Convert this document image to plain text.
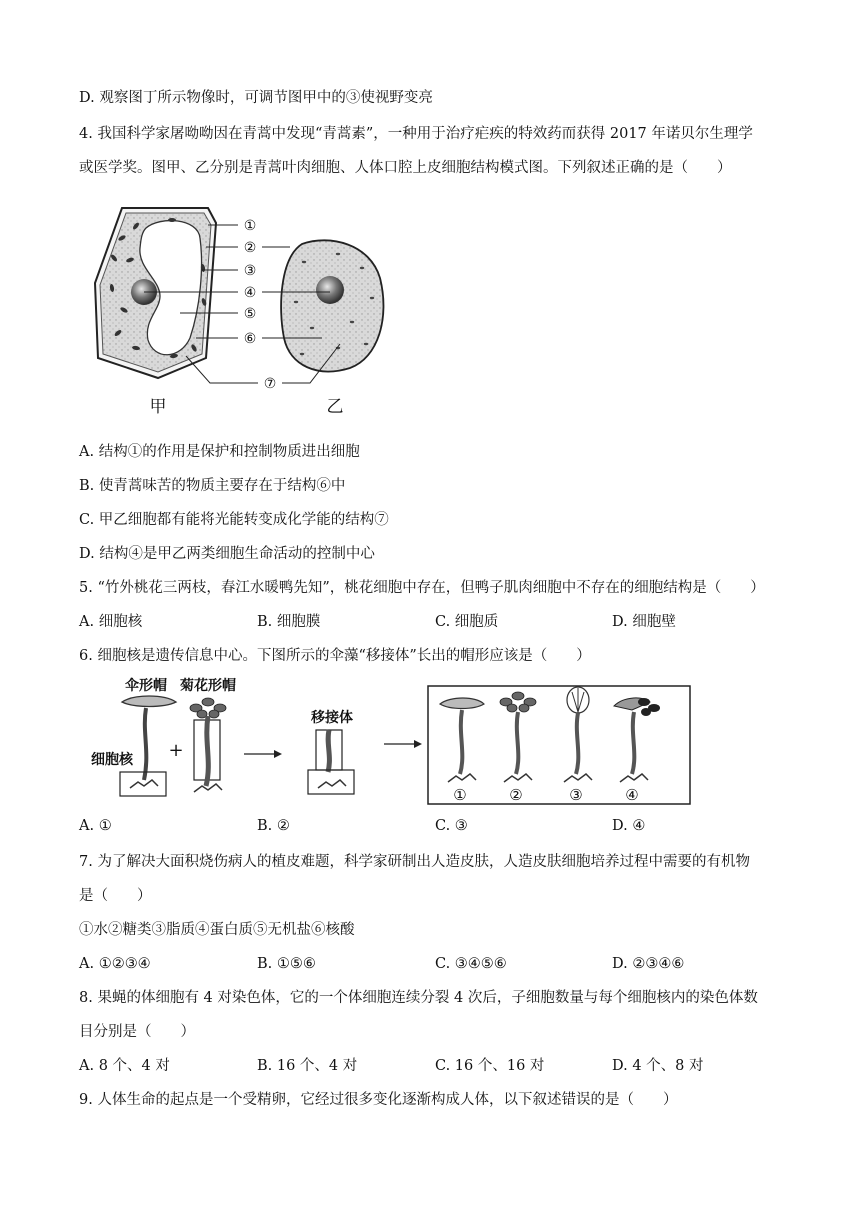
D. 观察图丁所示物像时，可调节图甲中的③使视野变亮
4. 我国科学家屠呦呦因在青蒿中发现“青蒿素”，一种用于治疗疟疾的特效药而获得 2017 年诺贝尔生理学
或医学奖。图甲、乙分别是青蒿叶肉细胞、人体口腔上皮细胞结构模式图。下列叙述正确的是（　　）
①
②
③
④
⑤
⑥
⑦
甲	乙
A. 结构①的作用是保护和控制物质进出细胞
B. 使青蒿味苦的物质主要存在于结构⑥中
C. 甲乙细胞都有能将光能转变成化学能的结构⑦
D. 结构④是甲乙两类细胞生命活动的控制中心
5. “竹外桃花三两枝，春江水暖鸭先知”，桃花细胞中存在，但鸭子肌肉细胞中不存在的细胞结构是（　　）
A. 细胞核	B. 细胞膜	C. 细胞质	D. 细胞壁
6. 细胞核是遗传信息中心。下图所示的伞藻“移接体”长出的帽形应该是（　　）
伞形帽
细胞核 +
菊花形帽
移接体
①	②	③	④
A. ①	B. ②	C. ③	D. ④
7. 为了解决大面积烧伤病人的植皮难题，科学家研制出人造皮肤，人造皮肤细胞培养过程中需要的有机物
是（　　）
①水②糖类③脂质④蛋白质⑤无机盐⑥核酸
A. ①②③④	B. ①⑤⑥	C. ③④⑤⑥	D. ②③④⑥
8. 果蝇的体细胞有 4 对染色体，它的一个体细胞连续分裂 4 次后，子细胞数量与每个细胞核内的染色体数
目分别是（　　）
A. 8 个、4 对	B. 16 个、4 对	C. 16 个、16 对	D. 4 个、8 对
9. 人体生命的起点是一个受精卵，它经过很多变化逐渐构成人体，以下叙述错误的是（　　）
